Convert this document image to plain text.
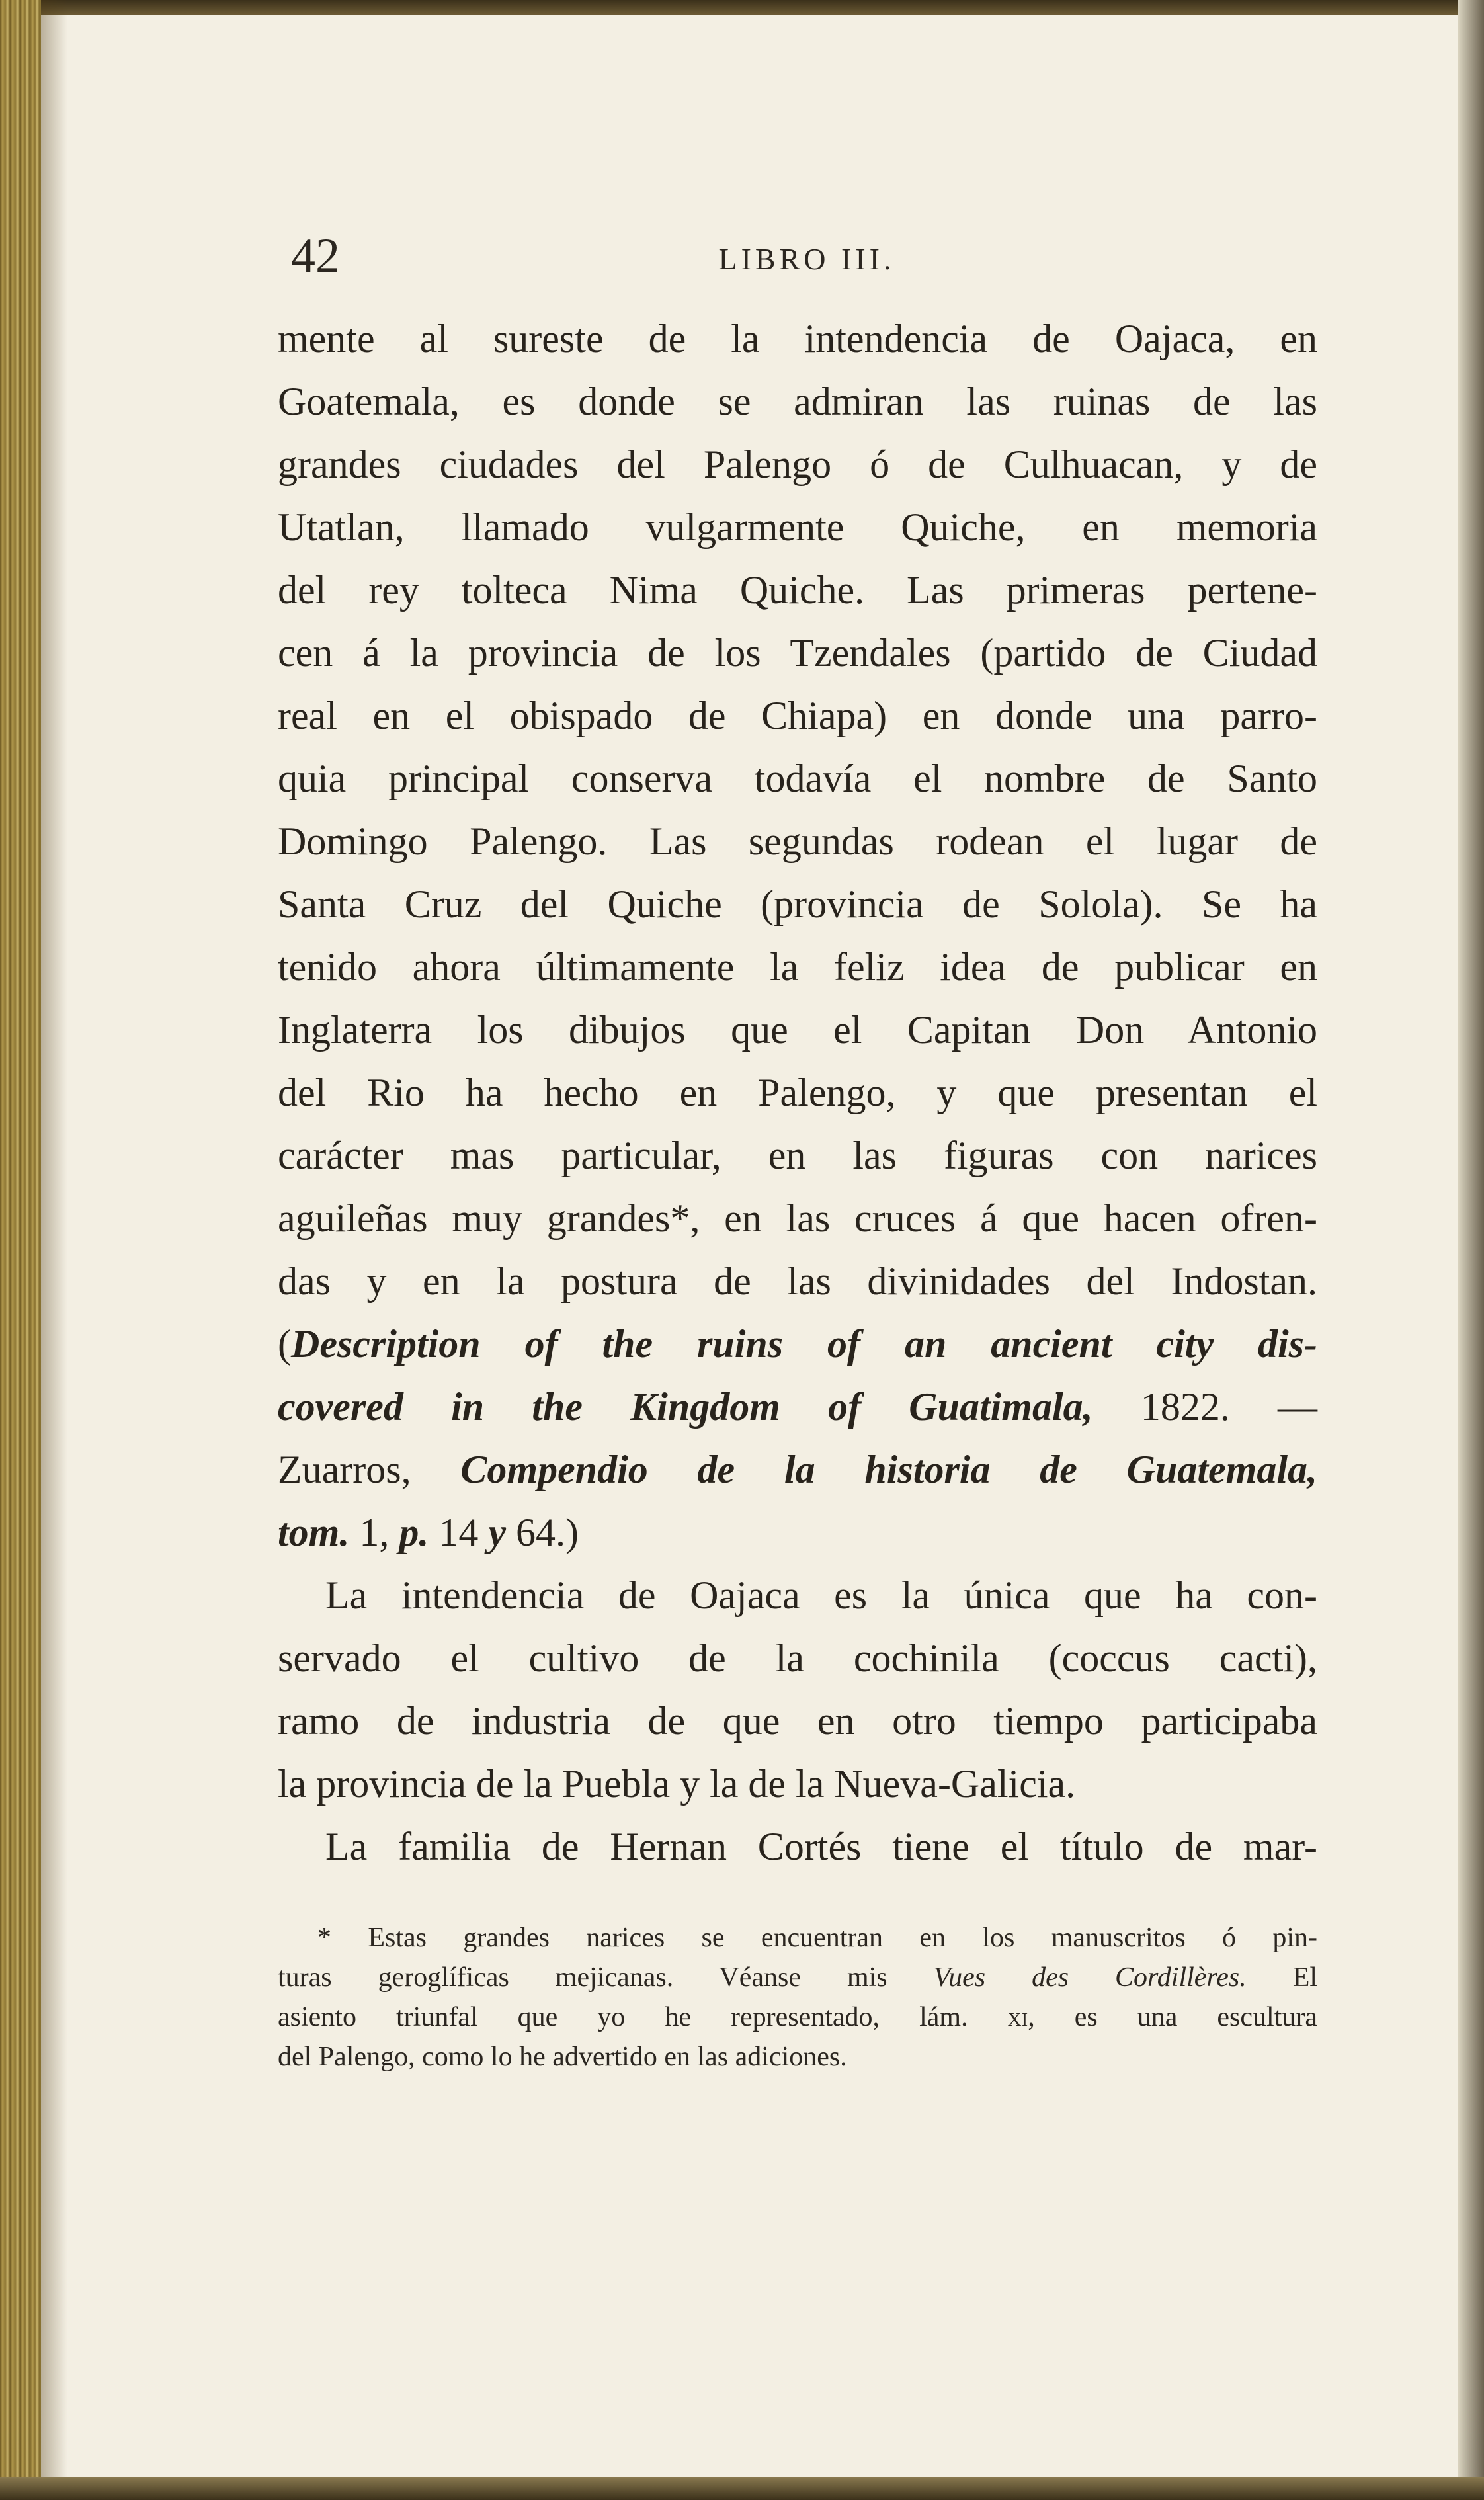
42	LIBRO III.
mente al sureste de la intendencia de Oajaca, en
Goatemala, es donde se admiran las ruinas de las
grandes ciudades del Palengo ó de Culhuacan, y de
Utatlan, llamado vulgarmente Quiche, en memoria
del rey tolteca Nima Quiche. Las primeras pertene-
cen á la provincia de los Tzendales (partido de Ciudad
real en el obispado de Chiapa) en donde una parro-
quia principal conserva todavía el nombre de Santo
Domingo Palengo. Las segundas rodean el lugar de
Santa Cruz del Quiche (provincia de Solola). Se ha
tenido ahora últimamente la feliz idea de publicar en
Inglaterra los dibujos que el Capitan Don Antonio
del Rio ha hecho en Palengo, y que presentan el
carácter mas particular, en las figuras con narices
aguileñas muy grandes*, en las cruces á que hacen ofren-
das y en la postura de las divinidades del Indostan.
(Description of the ruins of an ancient city dis-
covered in the Kingdom of Guatimala, 1822. —
Zuarros, Compendio de la historia de Guatemala,
tom. 1, p. 14 y 64.)
La intendencia de Oajaca es la única que ha con-
servado el cultivo de la cochinila (coccus cacti),
ramo de industria de que en otro tiempo participaba
la provincia de la Puebla y la de la Nueva-Galicia.
La familia de Hernan Cortés tiene el título de mar-
* Estas grandes narices se encuentran en los manuscritos ó pin-
turas geroglíficas mejicanas. Véanse mis Vues des Cordillères. El
asiento triunfal que yo he representado, lám. xi, es una escultura
del Palengo, como lo he advertido en las adiciones.
